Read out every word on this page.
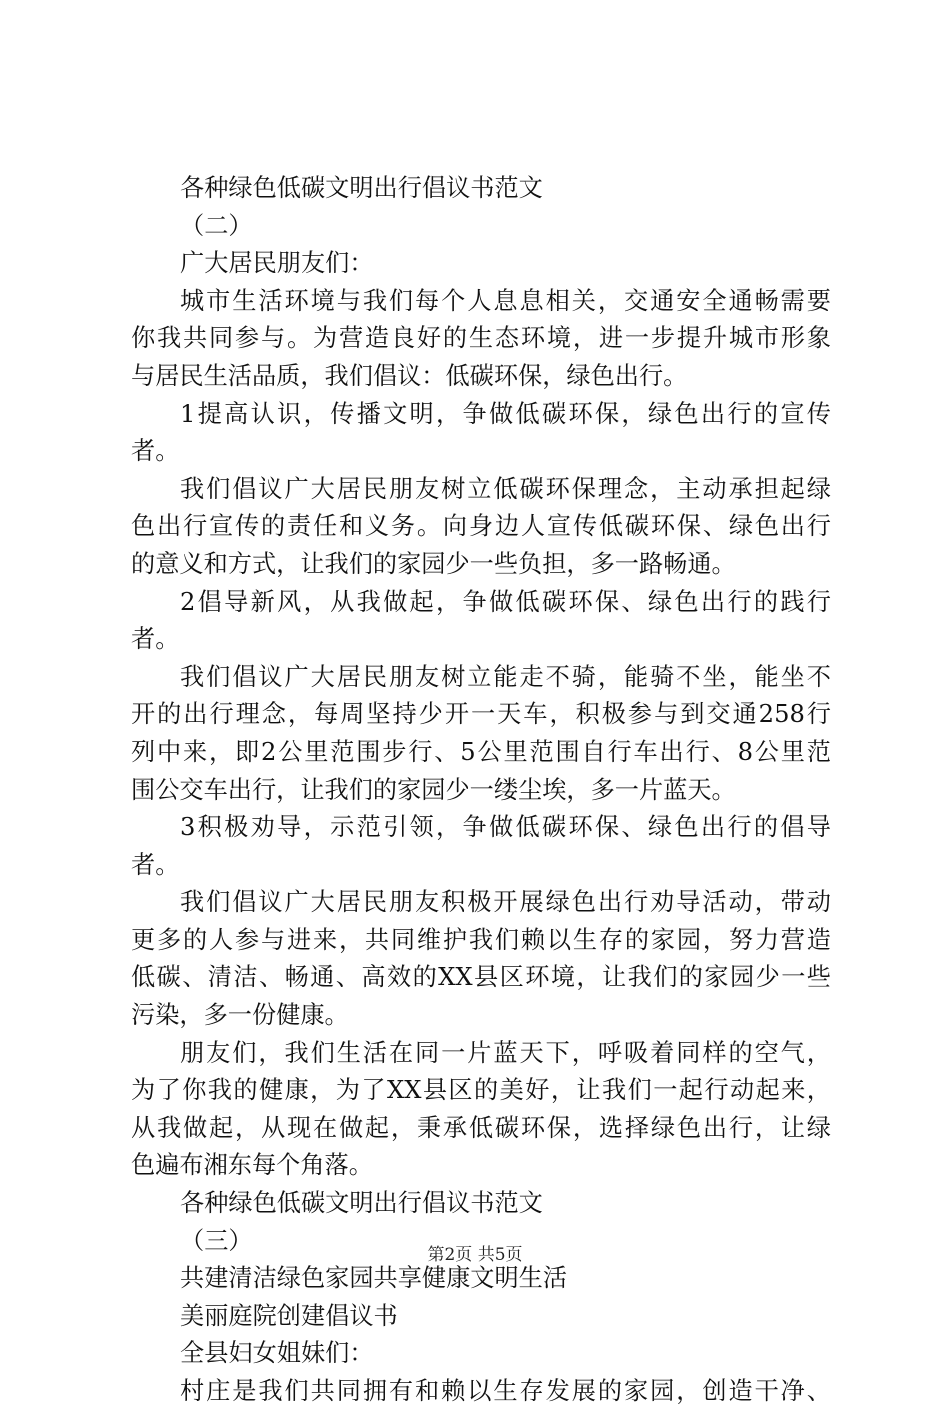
各种绿色低碳文明出行倡议书范文
（二）
广大居民朋友们：
城市生活环境与我们每个人息息相关，交通安全通畅需要
你我共同参与。为营造良好的生态环境，进一步提升城市形象
与居民生活品质，我们倡议：低碳环保，绿色出行。
1提高认识，传播文明，争做低碳环保，绿色出行的宣传
者。
我们倡议广大居民朋友树立低碳环保理念，主动承担起绿
色出行宣传的责任和义务。向身边人宣传低碳环保、绿色出行
的意义和方式，让我们的家园少一些负担，多一路畅通。
2倡导新风，从我做起，争做低碳环保、绿色出行的践行
者。
我们倡议广大居民朋友树立能走不骑，能骑不坐，能坐不
开的出行理念，每周坚持少开一天车，积极参与到交通258行
列中来，即2公里范围步行、5公里范围自行车出行、8公里范
围公交车出行，让我们的家园少一缕尘埃，多一片蓝天。
3积极劝导，示范引领，争做低碳环保、绿色出行的倡导
者。
我们倡议广大居民朋友积极开展绿色出行劝导活动，带动
更多的人参与进来，共同维护我们赖以生存的家园，努力营造
低碳、清洁、畅通、高效的XX县区环境，让我们的家园少一些
污染，多一份健康。
朋友们，我们生活在同一片蓝天下，呼吸着同样的空气，
为了你我的健康，为了XX县区的美好，让我们一起行动起来，
从我做起，从现在做起，秉承低碳环保，选择绿色出行，让绿
色遍布湘东每个角落。
各种绿色低碳文明出行倡议书范文
（三）
共建清洁绿色家园共享健康文明生活
美丽庭院创建倡议书
全县妇女姐妹们：
村庄是我们共同拥有和赖以生存发展的家园，创造干净、
第2页 共5页
